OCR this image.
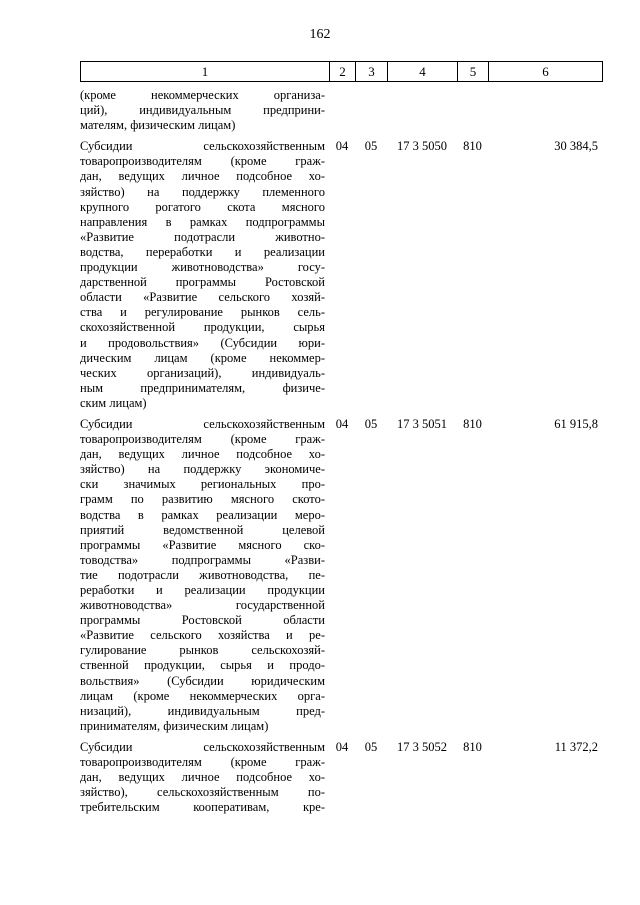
162
1	2	3	4	5	6
(кроме некоммерческих организа-
ций), индивидуальным предприни-
мателям, физическим лицам)
Субсидии сельскохозяйственным
товаропроизводителям (кроме граж-
дан, ведущих личное подсобное хо-
зяйство) на поддержку племенного
крупного рогатого скота мясного
направления в рамках подпрограммы
«Развитие подотрасли животно-
водства, переработки и реализации
продукции животноводства» госу-
дарственной программы Ростовской
области «Развитие сельского хозяй-
ства и регулирование рынков сель-
скохозяйственной продукции, сырья
и продовольствия» (Субсидии юри-
дическим лицам (кроме некоммер-
ческих организаций), индивидуаль-
ным предпринимателям, физиче-
ским лицам)
04	05	17 3 5050	810	30 384,5
Субсидии сельскохозяйственным
товаропроизводителям (кроме граж-
дан, ведущих личное подсобное хо-
зяйство) на поддержку экономиче-
ски значимых региональных про-
грамм по развитию мясного ското-
водства в рамках реализации меро-
приятий ведомственной целевой
программы «Развитие мясного ско-
товодства» подпрограммы «Разви-
тие подотрасли животноводства, пе-
реработки и реализации продукции
животноводства» государственной
программы Ростовской области
«Развитие сельского хозяйства и ре-
гулирование рынков сельскохозяй-
ственной продукции, сырья и продо-
вольствия» (Субсидии юридическим
лицам (кроме некоммерческих орга-
низаций), индивидуальным пред-
принимателям, физическим лицам)
04	05	17 3 5051	810	61 915,8
Субсидии сельскохозяйственным
товаропроизводителям (кроме граж-
дан, ведущих личное подсобное хо-
зяйство), сельскохозяйственным по-
требительским кооперативам, кре-
04	05	17 3 5052	810	11 372,2
